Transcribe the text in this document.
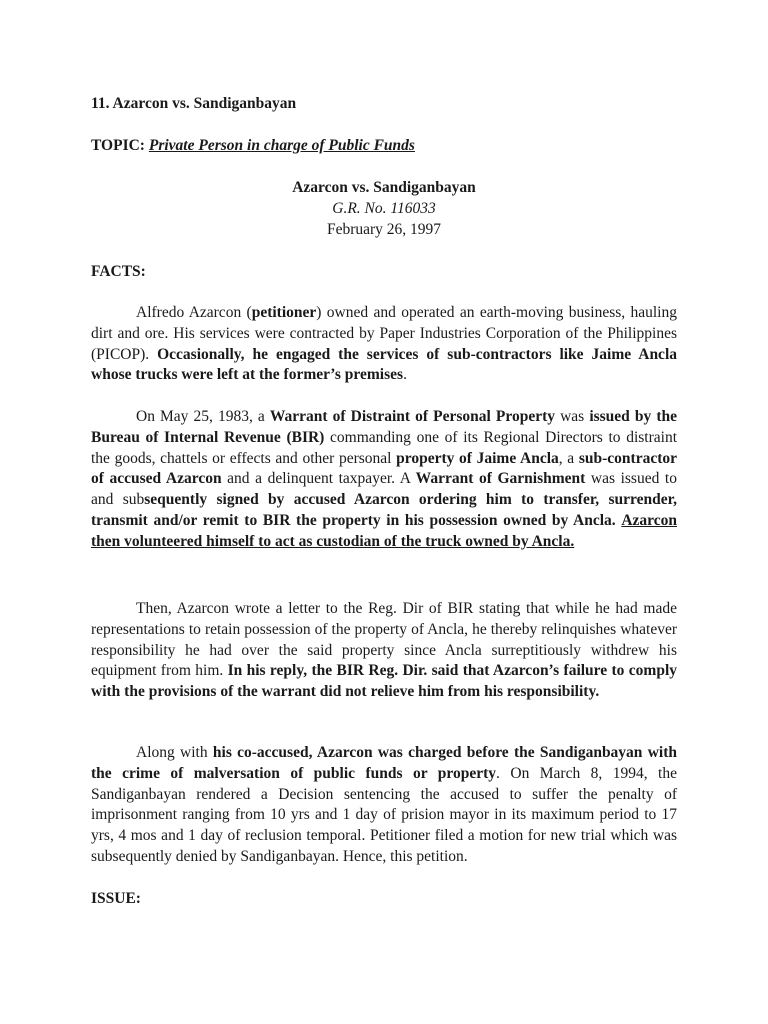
11. Azarcon vs. Sandiganbayan
TOPIC: Private Person in charge of Public Funds
Azarcon vs. Sandiganbayan
G.R. No. 116033
February 26, 1997
FACTS:
Alfredo Azarcon (petitioner) owned and operated an earth-moving business, hauling dirt and ore. His services were contracted by Paper Industries Corporation of the Philippines (PICOP). Occasionally, he engaged the services of sub-contractors like Jaime Ancla whose trucks were left at the former’s premises.
On May 25, 1983, a Warrant of Distraint of Personal Property was issued by the Bureau of Internal Revenue (BIR) commanding one of its Regional Directors to distraint the goods, chattels or effects and other personal property of Jaime Ancla, a sub-contractor of accused Azarcon and a delinquent taxpayer. A Warrant of Garnishment was issued to and subsequently signed by accused Azarcon ordering him to transfer, surrender, transmit and/or remit to BIR the property in his possession owned by Ancla. Azarcon then volunteered himself to act as custodian of the truck owned by Ancla.
Then, Azarcon wrote a letter to the Reg. Dir of BIR stating that while he had made representations to retain possession of the property of Ancla, he thereby relinquishes whatever responsibility he had over the said property since Ancla surreptitiously withdrew his equipment from him. In his reply, the BIR Reg. Dir. said that Azarcon’s failure to comply with the provisions of the warrant did not relieve him from his responsibility.
Along with his co-accused, Azarcon was charged before the Sandiganbayan with the crime of malversation of public funds or property. On March 8, 1994, the Sandiganbayan rendered a Decision sentencing the accused to suffer the penalty of imprisonment ranging from 10 yrs and 1 day of prision mayor in its maximum period to 17 yrs, 4 mos and 1 day of reclusion temporal. Petitioner filed a motion for new trial which was subsequently denied by Sandiganbayan. Hence, this petition.
ISSUE:
